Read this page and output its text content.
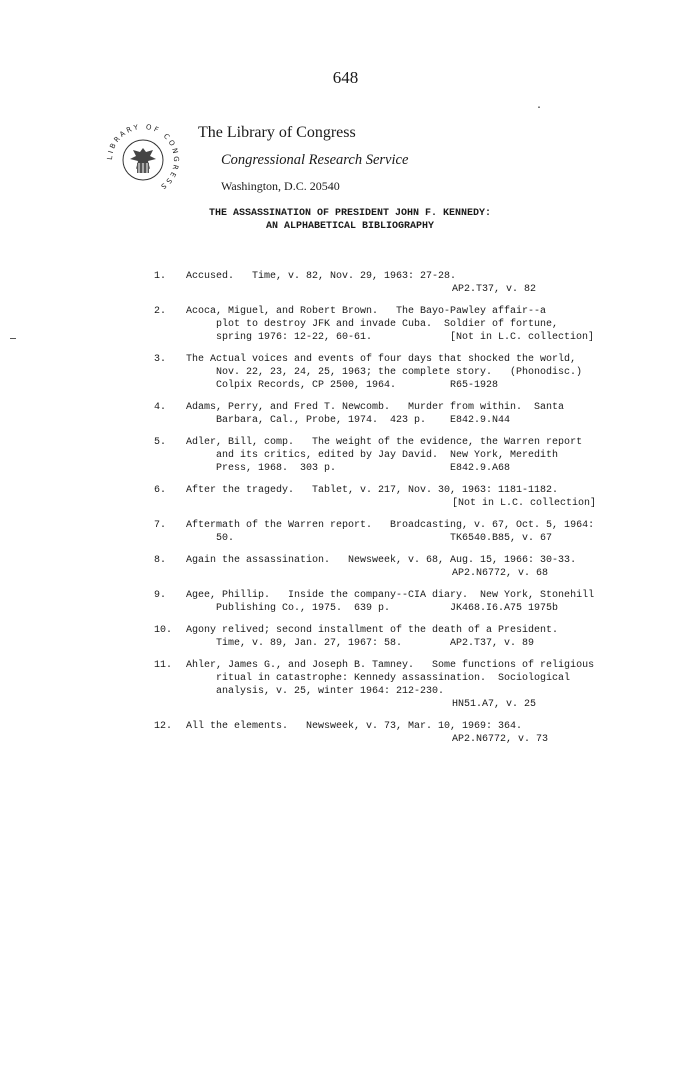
648
·
LIBRARY OF CONGRESS
The Library of Congress
Congressional Research Service
Washington, D.C. 20540
THE ASSASSINATION OF PRESIDENT JOHN F. KENNEDY:
AN ALPHABETICAL BIBLIOGRAPHY
1. Accused.   Time, v. 82, Nov. 29, 1963: 27-28.
AP2.T37, v. 82
2. Acoca, Miguel, and Robert Brown.   The Bayo-Pawley affair--a
plot to destroy JFK and invade Cuba.  Soldier of fortune,
spring 1976: 12-22, 60-61.             [Not in L.C. collection]
3. The Actual voices and events of four days that shocked the world,
Nov. 22, 23, 24, 25, 1963; the complete story.   (Phonodisc.)
Colpix Records, CP 2500, 1964.         R65-1928
4. Adams, Perry, and Fred T. Newcomb.   Murder from within.  Santa
Barbara, Cal., Probe, 1974.  423 p.    E842.9.N44
5. Adler, Bill, comp.   The weight of the evidence, the Warren report
and its critics, edited by Jay David.  New York, Meredith
Press, 1968.  303 p.                   E842.9.A68
6. After the tragedy.   Tablet, v. 217, Nov. 30, 1963: 1181-1182.
[Not in L.C. collection]
7. Aftermath of the Warren report.   Broadcasting, v. 67, Oct. 5, 1964:
50.                                    TK6540.B85, v. 67
8. Again the assassination.   Newsweek, v. 68, Aug. 15, 1966: 30-33.
AP2.N6772, v. 68
9. Agee, Phillip.   Inside the company--CIA diary.  New York, Stonehill
Publishing Co., 1975.  639 p.          JK468.I6.A75 1975b
10. Agony relived; second installment of the death of a President.
Time, v. 89, Jan. 27, 1967: 58.        AP2.T37, v. 89
11. Ahler, James G., and Joseph B. Tamney.   Some functions of religious
ritual in catastrophe: Kennedy assassination.  Sociological
analysis, v. 25, winter 1964: 212-230.
HN51.A7, v. 25
12. All the elements.   Newsweek, v. 73, Mar. 10, 1969: 364.
AP2.N6772, v. 73
